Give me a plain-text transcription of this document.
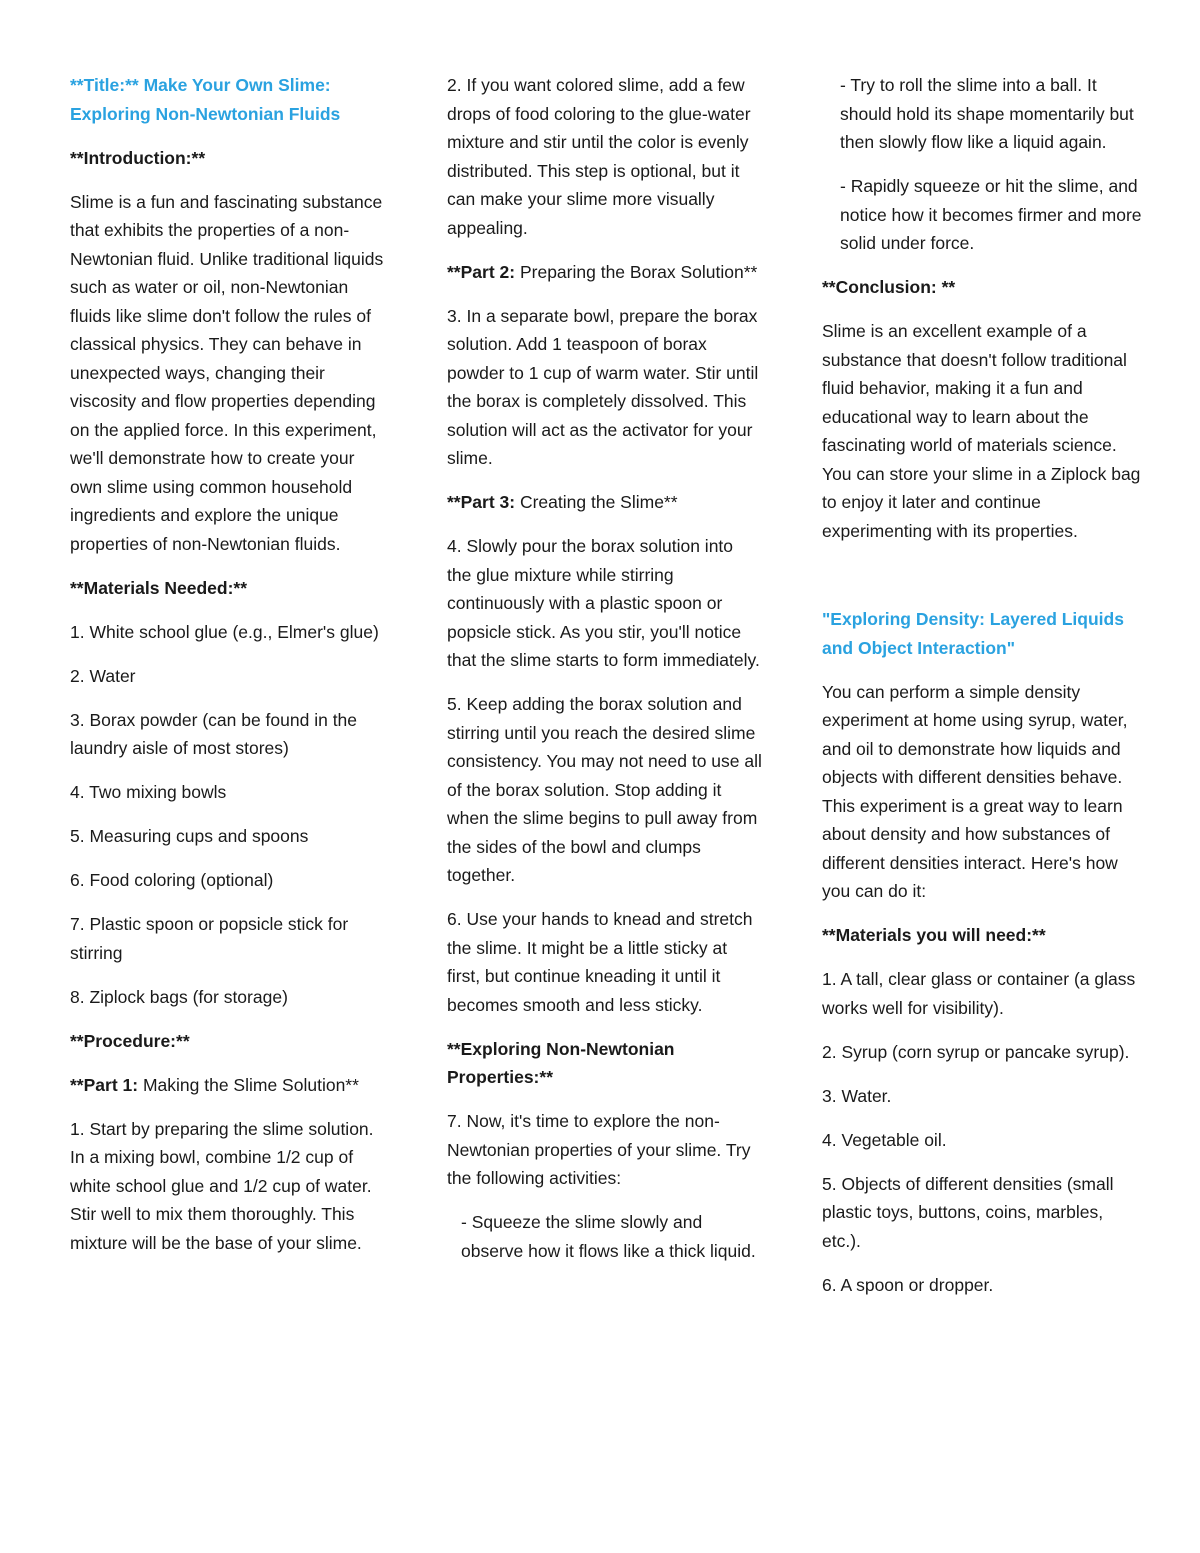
**Title:** Make Your Own Slime: Exploring Non-Newtonian Fluids

**Introduction:**

Slime is a fun and fascinating substance that exhibits the properties of a non-Newtonian fluid. Unlike traditional liquids such as water or oil, non-Newtonian fluids like slime don't follow the rules of classical physics. They can behave in unexpected ways, changing their viscosity and flow properties depending on the applied force. In this experiment, we'll demonstrate how to create your own slime using common household ingredients and explore the unique properties of non-Newtonian fluids.

**Materials Needed:**

1. White school glue (e.g., Elmer's glue)

2. Water

3. Borax powder (can be found in the laundry aisle of most stores)

4. Two mixing bowls

5. Measuring cups and spoons

6. Food coloring (optional)

7. Plastic spoon or popsicle stick for stirring

8. Ziplock bags (for storage)

**Procedure:**

**Part 1: Making the Slime Solution**

1. Start by preparing the slime solution. In a mixing bowl, combine 1/2 cup of white school glue and 1/2 cup of water. Stir well to mix them thoroughly. This mixture will be the base of your slime.

2. If you want colored slime, add a few drops of food coloring to the glue-water mixture and stir until the color is evenly distributed. This step is optional, but it can make your slime more visually appealing.

**Part 2: Preparing the Borax Solution**

3. In a separate bowl, prepare the borax solution. Add 1 teaspoon of borax powder to 1 cup of warm water. Stir until the borax is completely dissolved. This solution will act as the activator for your slime.

**Part 3: Creating the Slime**

4. Slowly pour the borax solution into the glue mixture while stirring continuously with a plastic spoon or popsicle stick. As you stir, you'll notice that the slime starts to form immediately.

5. Keep adding the borax solution and stirring until you reach the desired slime consistency. You may not need to use all of the borax solution. Stop adding it when the slime begins to pull away from the sides of the bowl and clumps together.

6. Use your hands to knead and stretch the slime. It might be a little sticky at first, but continue kneading it until it becomes smooth and less sticky.

**Exploring Non-Newtonian Properties:**

7. Now, it's time to explore the non-Newtonian properties of your slime. Try the following activities:

- Squeeze the slime slowly and observe how it flows like a thick liquid.

- Try to roll the slime into a ball. It should hold its shape momentarily but then slowly flow like a liquid again.

- Rapidly squeeze or hit the slime, and notice how it becomes firmer and more solid under force.

**Conclusion: **

Slime is an excellent example of a substance that doesn't follow traditional fluid behavior, making it a fun and educational way to learn about the fascinating world of materials science. You can store your slime in a Ziplock bag to enjoy it later and continue experimenting with its properties.

"Exploring Density: Layered Liquids and Object Interaction"

You can perform a simple density experiment at home using syrup, water, and oil to demonstrate how liquids and objects with different densities behave. This experiment is a great way to learn about density and how substances of different densities interact. Here's how you can do it:

**Materials you will need:**

1. A tall, clear glass or container (a glass works well for visibility).

2. Syrup (corn syrup or pancake syrup).

3. Water.

4. Vegetable oil.

5. Objects of different densities (small plastic toys, buttons, coins, marbles, etc.).

6. A spoon or dropper.
